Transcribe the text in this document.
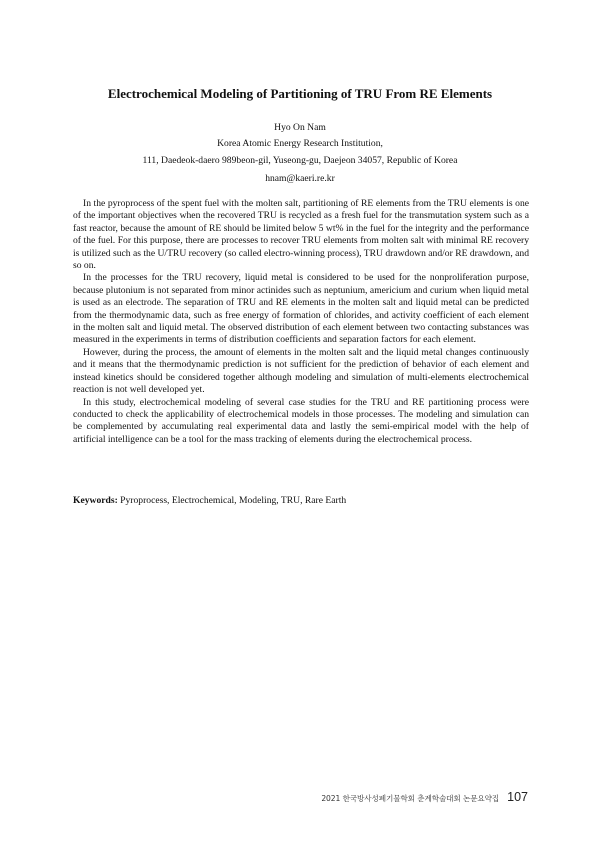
Electrochemical Modeling of Partitioning of TRU From RE Elements
Hyo On Nam
Korea Atomic Energy Research Institution,
111, Daedeok-daero 989beon-gil, Yuseong-gu, Daejeon 34057, Republic of Korea
hnam@kaeri.re.kr

In the pyroprocess of the spent fuel with the molten salt, partitioning of RE elements from the TRU elements is one of the important objectives when the recovered TRU is recycled as a fresh fuel for the transmutation system such as a fast reactor, because the amount of RE should be limited below 5 wt% in the fuel for the integrity and the performance of the fuel. For this purpose, there are processes to recover TRU elements from molten salt with minimal RE recovery is utilized such as the U/TRU recovery (so called electro-winning process), TRU drawdown and/or RE drawdown, and so on.

In the processes for the TRU recovery, liquid metal is considered to be used for the nonproliferation purpose, because plutonium is not separated from minor actinides such as neptunium, americium and curium when liquid metal is used as an electrode. The separation of TRU and RE elements in the molten salt and liquid metal can be predicted from the thermodynamic data, such as free energy of formation of chlorides, and activity coefficient of each element in the molten salt and liquid metal. The observed distribution of each element between two contacting substances was measured in the experiments in terms of distribution coefficients and separation factors for each element.

However, during the process, the amount of elements in the molten salt and the liquid metal changes continuously and it means that the thermodynamic prediction is not sufficient for the prediction of behavior of each element and instead kinetics should be considered together although modeling and simulation of multi-elements electrochemical reaction is not well developed yet.

In this study, electrochemical modeling of several case studies for the TRU and RE partitioning process were conducted to check the applicability of electrochemical models in those processes. The modeling and simulation can be complemented by accumulating real experimental data and lastly the semi-empirical model with the help of artificial intelligence can be a tool for the mass tracking of elements during the electrochemical process.

Keywords: Pyroprocess, Electrochemical, Modeling, TRU, Rare Earth
2021 한국방사성폐기물학회 춘계학술대회 논문요약집 107
